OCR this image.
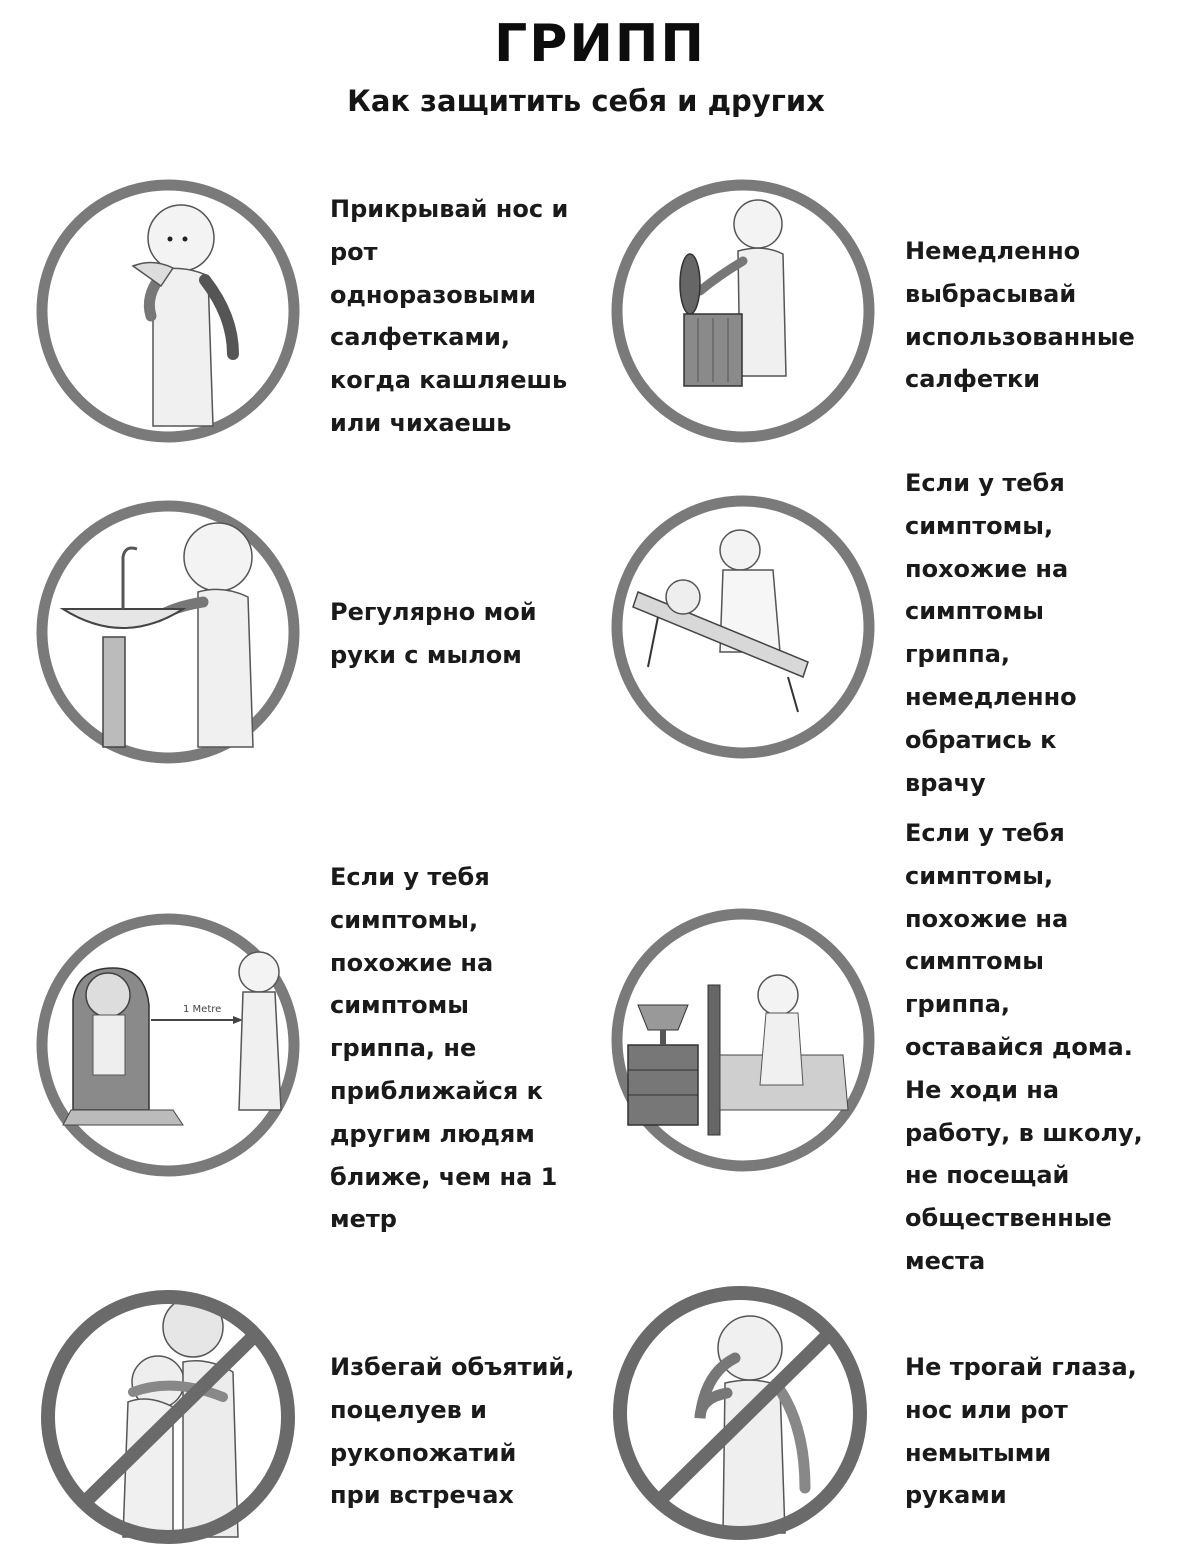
ГРИПП
Как защитить себя и других
Прикрывай нос и
рот
одноразовыми
салфетками,
когда кашляешь
или чихаешь
Немедленно
выбрасывай
использованные
салфетки
Регулярно мой
руки с мылом
Если у тебя
симптомы,
похожие на
симптомы
гриппа,
немедленно
обратись к
врачу
1 Metre
Если у тебя
симптомы,
похожие на
симптомы
гриппа, не
приближайся к
другим людям
ближе, чем на 1
метр
Если у тебя
симптомы,
похожие на
симптомы
гриппа,
оставайся дома.
Не ходи на
работу, в школу,
не посещай
общественные
места
Избегай объятий,
поцелуев и
рукопожатий
при встречах
Не трогай глаза,
нос или рот
немытыми
руками
